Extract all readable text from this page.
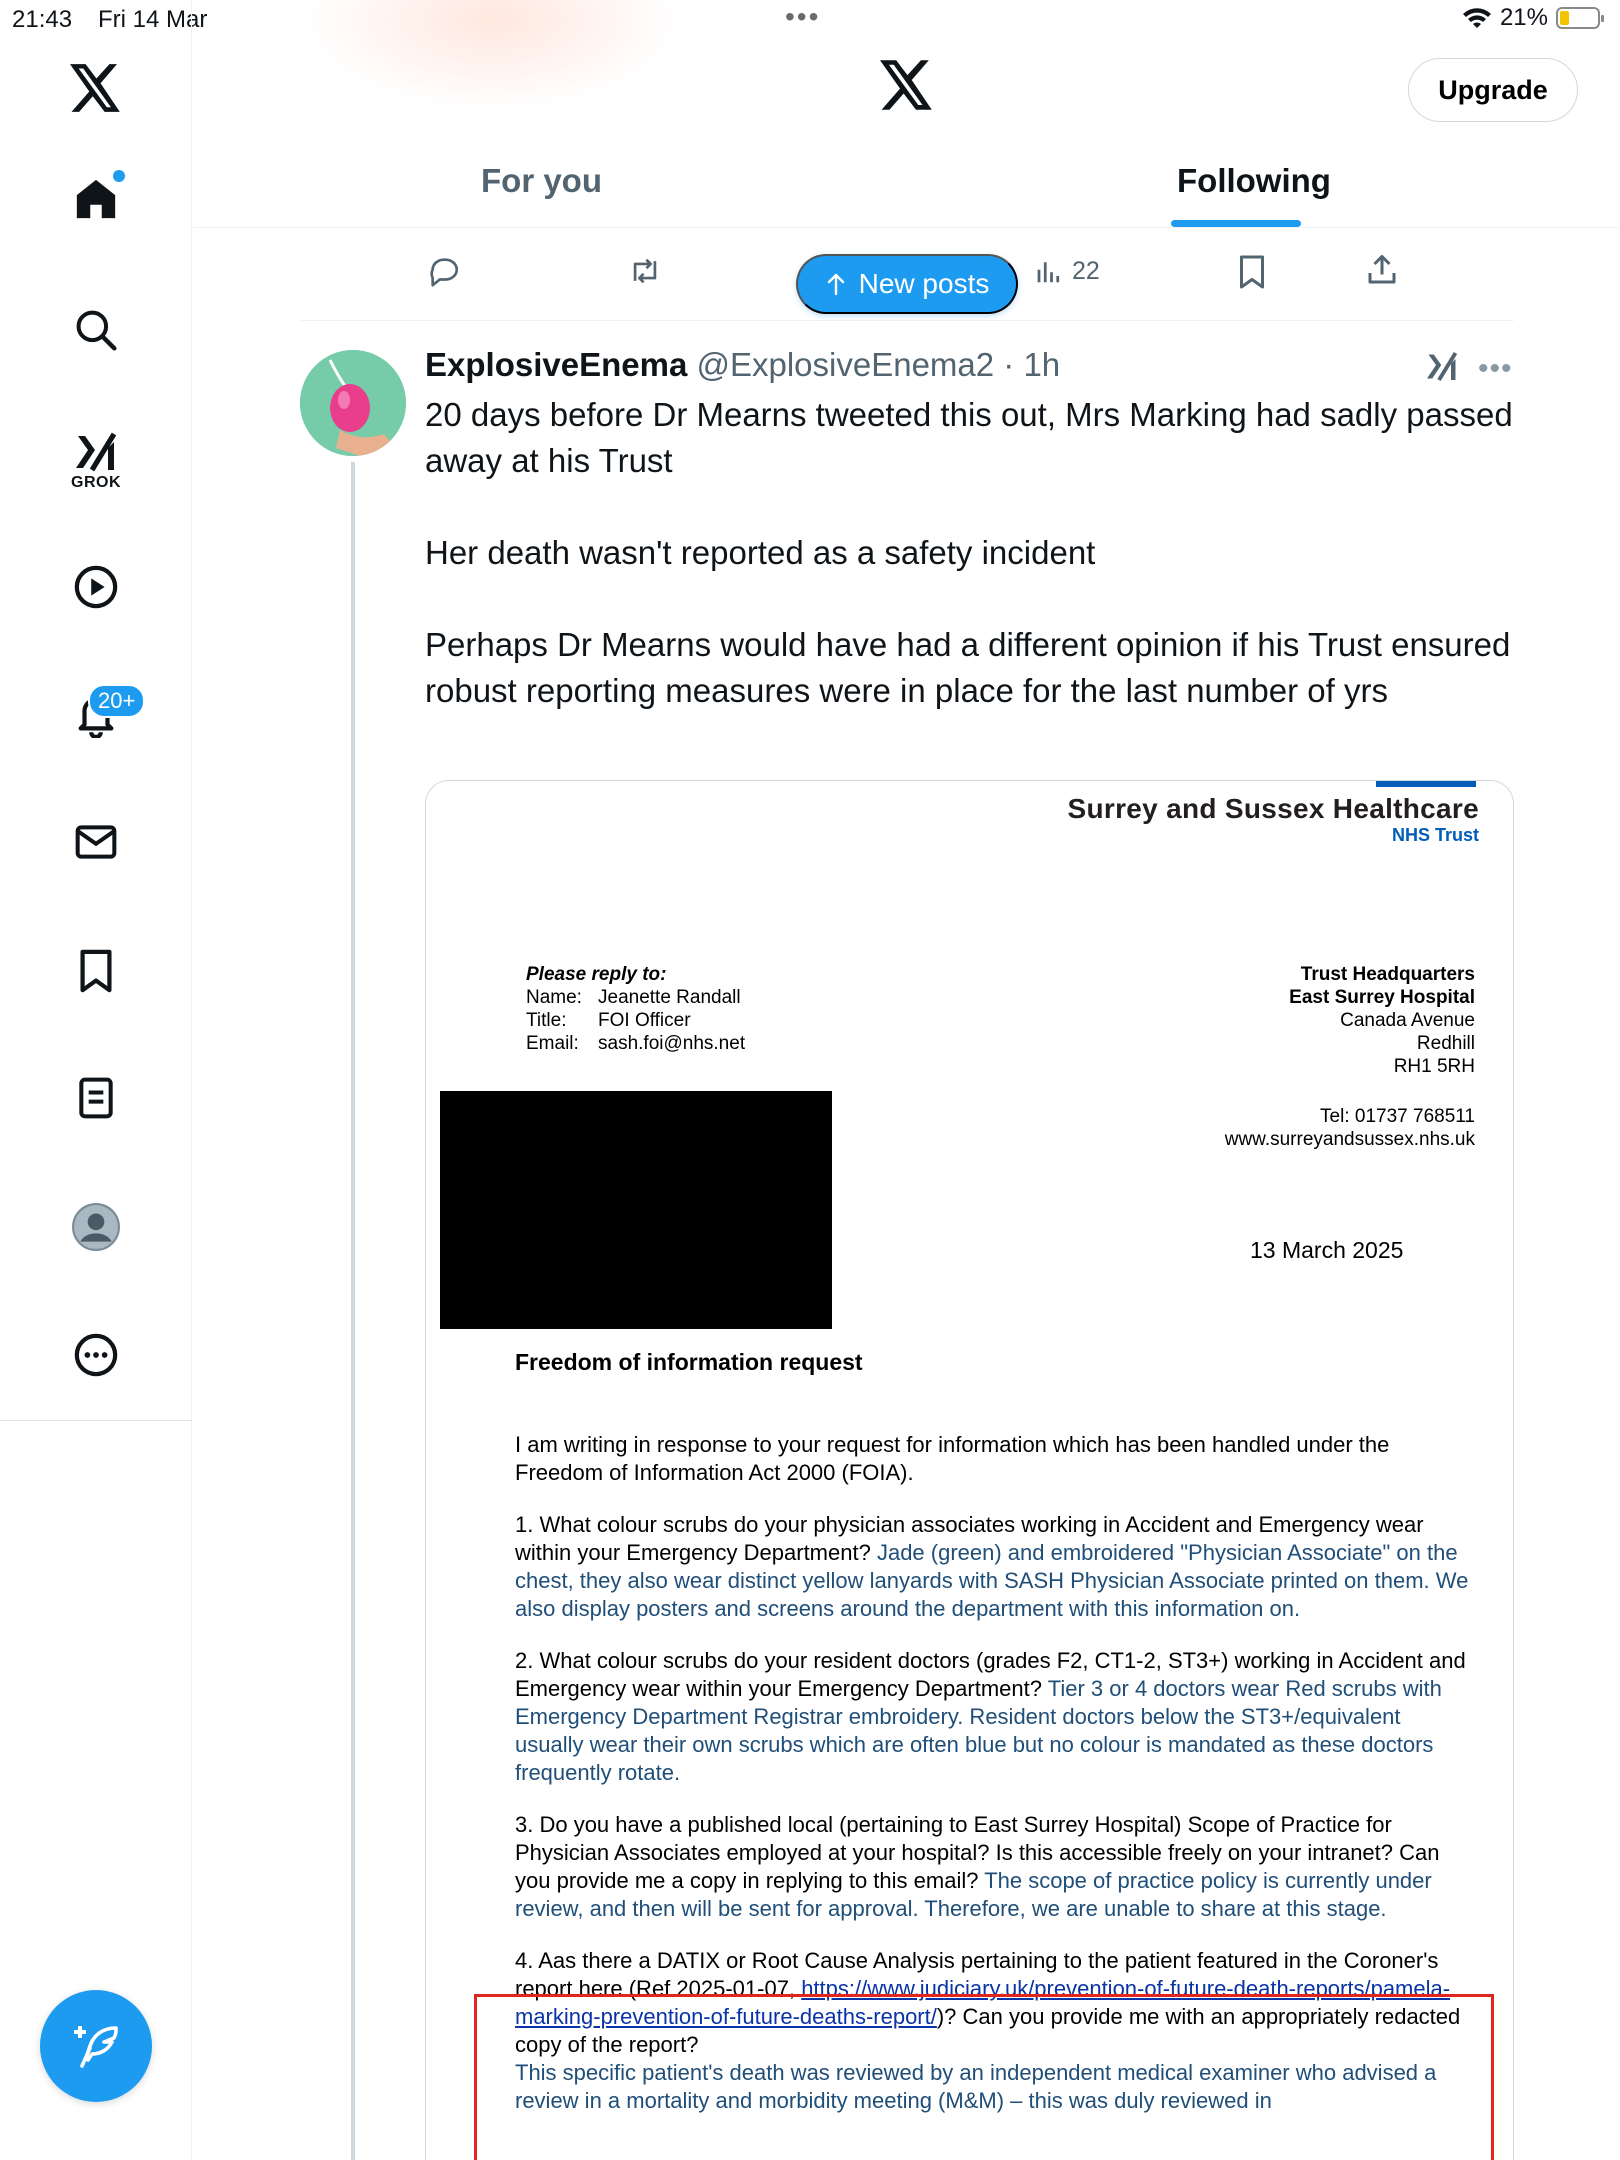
21:43 Fri 14 Mar	•••	21%
GROK
20+
Upgrade
For you	Following
22
New posts
ExplosiveEnema @ExplosiveEnema2 · 1h	•••

20 days before Dr Mearns tweeted this out, Mrs Marking had sadly passed away at his Trust

Her death wasn't reported as a safety incident

Perhaps Dr Mearns would have had a different opinion if his Trust ensured robust reporting measures were in place for the last number of yrs

Surrey and Sussex Healthcare
NHS Trust
Please reply to:
Name: Jeanette Randall
Title:	FOI Officer
Email:	sash.foi@nhs.net
Trust Headquarters
East Surrey Hospital
Canada Avenue
Redhill
RH1 5RH
Tel: 01737 768511
www.surreyandsussex.nhs.uk
13 March 2025
Freedom of information request

I am writing in response to your request for information which has been handled under the Freedom of Information Act 2000 (FOIA).

1. What colour scrubs do your physician associates working in Accident and Emergency wear within your Emergency Department? Jade (green) and embroidered "Physician Associate" on the chest, they also wear distinct yellow lanyards with SASH Physician Associate printed on them. We also display posters and screens around the department with this information on.

2. What colour scrubs do your resident doctors (grades F2, CT1-2, ST3+) working in Accident and Emergency wear within your Emergency Department? Tier 3 or 4 doctors wear Red scrubs with Emergency Department Registrar embroidery. Resident doctors below the ST3+/equivalent usually wear their own scrubs which are often blue but no colour is mandated as these doctors frequently rotate.

3. Do you have a published local (pertaining to East Surrey Hospital) Scope of Practice for Physician Associates employed at your hospital? Is this accessible freely on your intranet? Can you provide me a copy in replying to this email? The scope of practice policy is currently under review, and then will be sent for approval. Therefore, we are unable to share at this stage.

4. Aas there a DATIX or Root Cause Analysis pertaining to the patient featured in the Coroner's report here (Ref 2025-01-07, https://www.judiciary.uk/prevention-of-future-death-reports/pamela-marking-prevention-of-future-deaths-report/)? Can you provide me with an appropriately redacted copy of the report?
This specific patient's death was reviewed by an independent medical examiner who advised a review in a mortality and morbidity meeting (M&M) – this was duly reviewed in
